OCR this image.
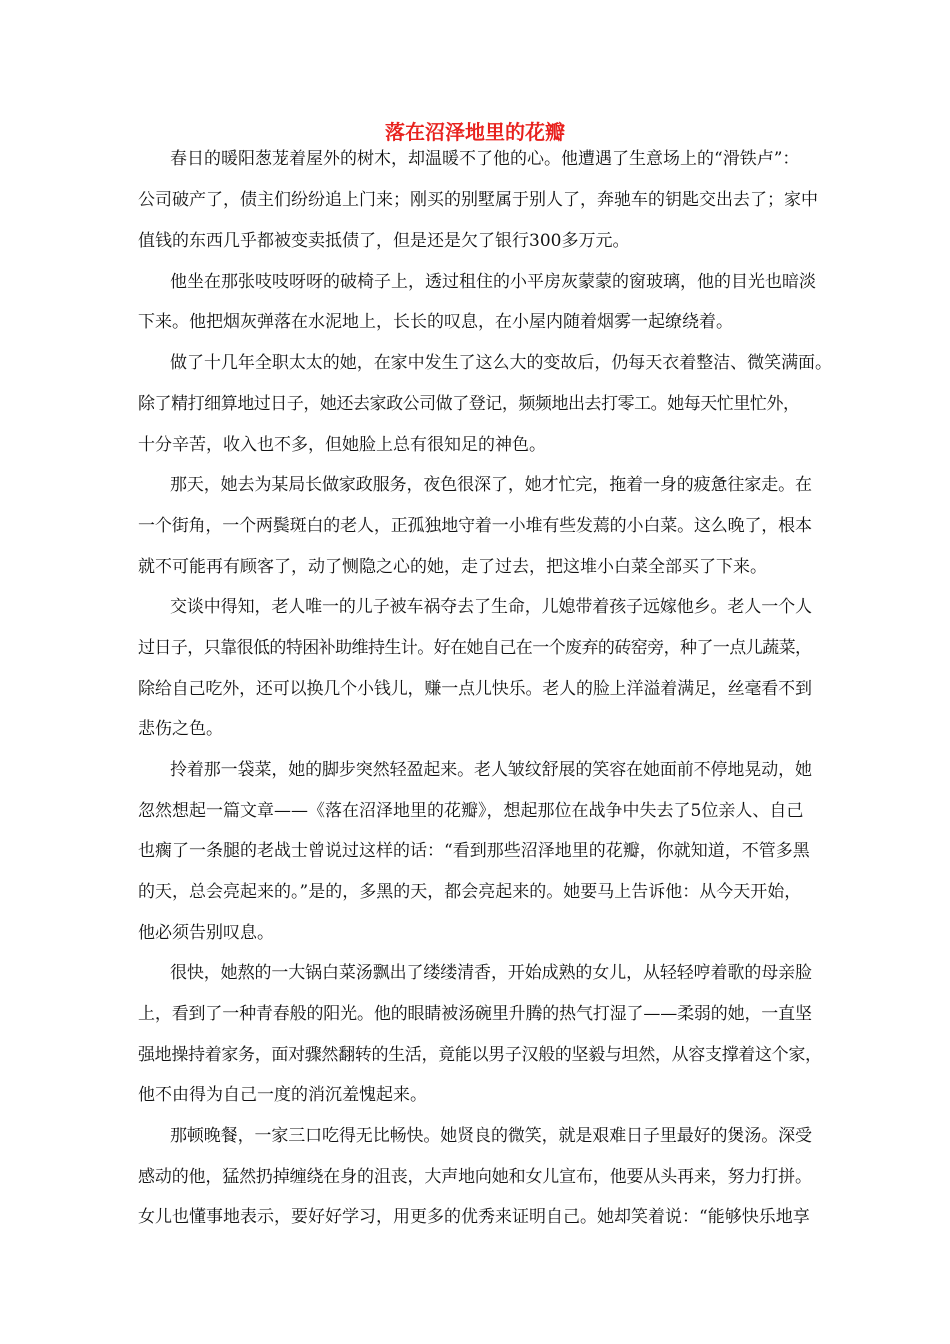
落在沼泽地里的花瓣
春日的暖阳葱茏着屋外的树木，却温暖不了他的心。他遭遇了生意场上的“滑铁卢”：
公司破产了，债主们纷纷追上门来；刚买的别墅属于别人了，奔驰车的钥匙交出去了；家中
值钱的东西几乎都被变卖抵债了，但是还是欠了银行300多万元。
他坐在那张吱吱呀呀的破椅子上，透过租住的小平房灰蒙蒙的窗玻璃，他的目光也暗淡
下来。他把烟灰弹落在水泥地上，长长的叹息，在小屋内随着烟雾一起缭绕着。
做了十几年全职太太的她，在家中发生了这么大的变故后，仍每天衣着整洁、微笑满面。
除了精打细算地过日子，她还去家政公司做了登记，频频地出去打零工。她每天忙里忙外，
十分辛苦，收入也不多，但她脸上总有很知足的神色。
那天，她去为某局长做家政服务，夜色很深了，她才忙完，拖着一身的疲惫往家走。在
一个街角，一个两鬓斑白的老人，正孤独地守着一小堆有些发蔫的小白菜。这么晚了，根本
就不可能再有顾客了，动了恻隐之心的她，走了过去，把这堆小白菜全部买了下来。
交谈中得知，老人唯一的儿子被车祸夺去了生命，儿媳带着孩子远嫁他乡。老人一个人
过日子，只靠很低的特困补助维持生计。好在她自己在一个废弃的砖窑旁，种了一点儿蔬菜，
除给自己吃外，还可以换几个小钱儿，赚一点儿快乐。老人的脸上洋溢着满足，丝毫看不到
悲伤之色。
拎着那一袋菜，她的脚步突然轻盈起来。老人皱纹舒展的笑容在她面前不停地晃动，她
忽然想起一篇文章——《落在沼泽地里的花瓣》，想起那位在战争中失去了5位亲人、自己
也瘸了一条腿的老战士曾说过这样的话：“看到那些沼泽地里的花瓣，你就知道，不管多黑
的天，总会亮起来的。”是的，多黑的天，都会亮起来的。她要马上告诉他：从今天开始，
他必须告别叹息。
很快，她熬的一大锅白菜汤飘出了缕缕清香，开始成熟的女儿，从轻轻哼着歌的母亲脸
上，看到了一种青春般的阳光。他的眼睛被汤碗里升腾的热气打湿了——柔弱的她，一直坚
强地操持着家务，面对骤然翻转的生活，竟能以男子汉般的坚毅与坦然，从容支撑着这个家，
他不由得为自己一度的消沉羞愧起来。
那顿晚餐，一家三口吃得无比畅快。她贤良的微笑，就是艰难日子里最好的煲汤。深受
感动的他，猛然扔掉缠绕在身的沮丧，大声地向她和女儿宣布，他要从头再来，努力打拼。
女儿也懂事地表示，要好好学习，用更多的优秀来证明自己。她却笑着说：“能够快乐地享
